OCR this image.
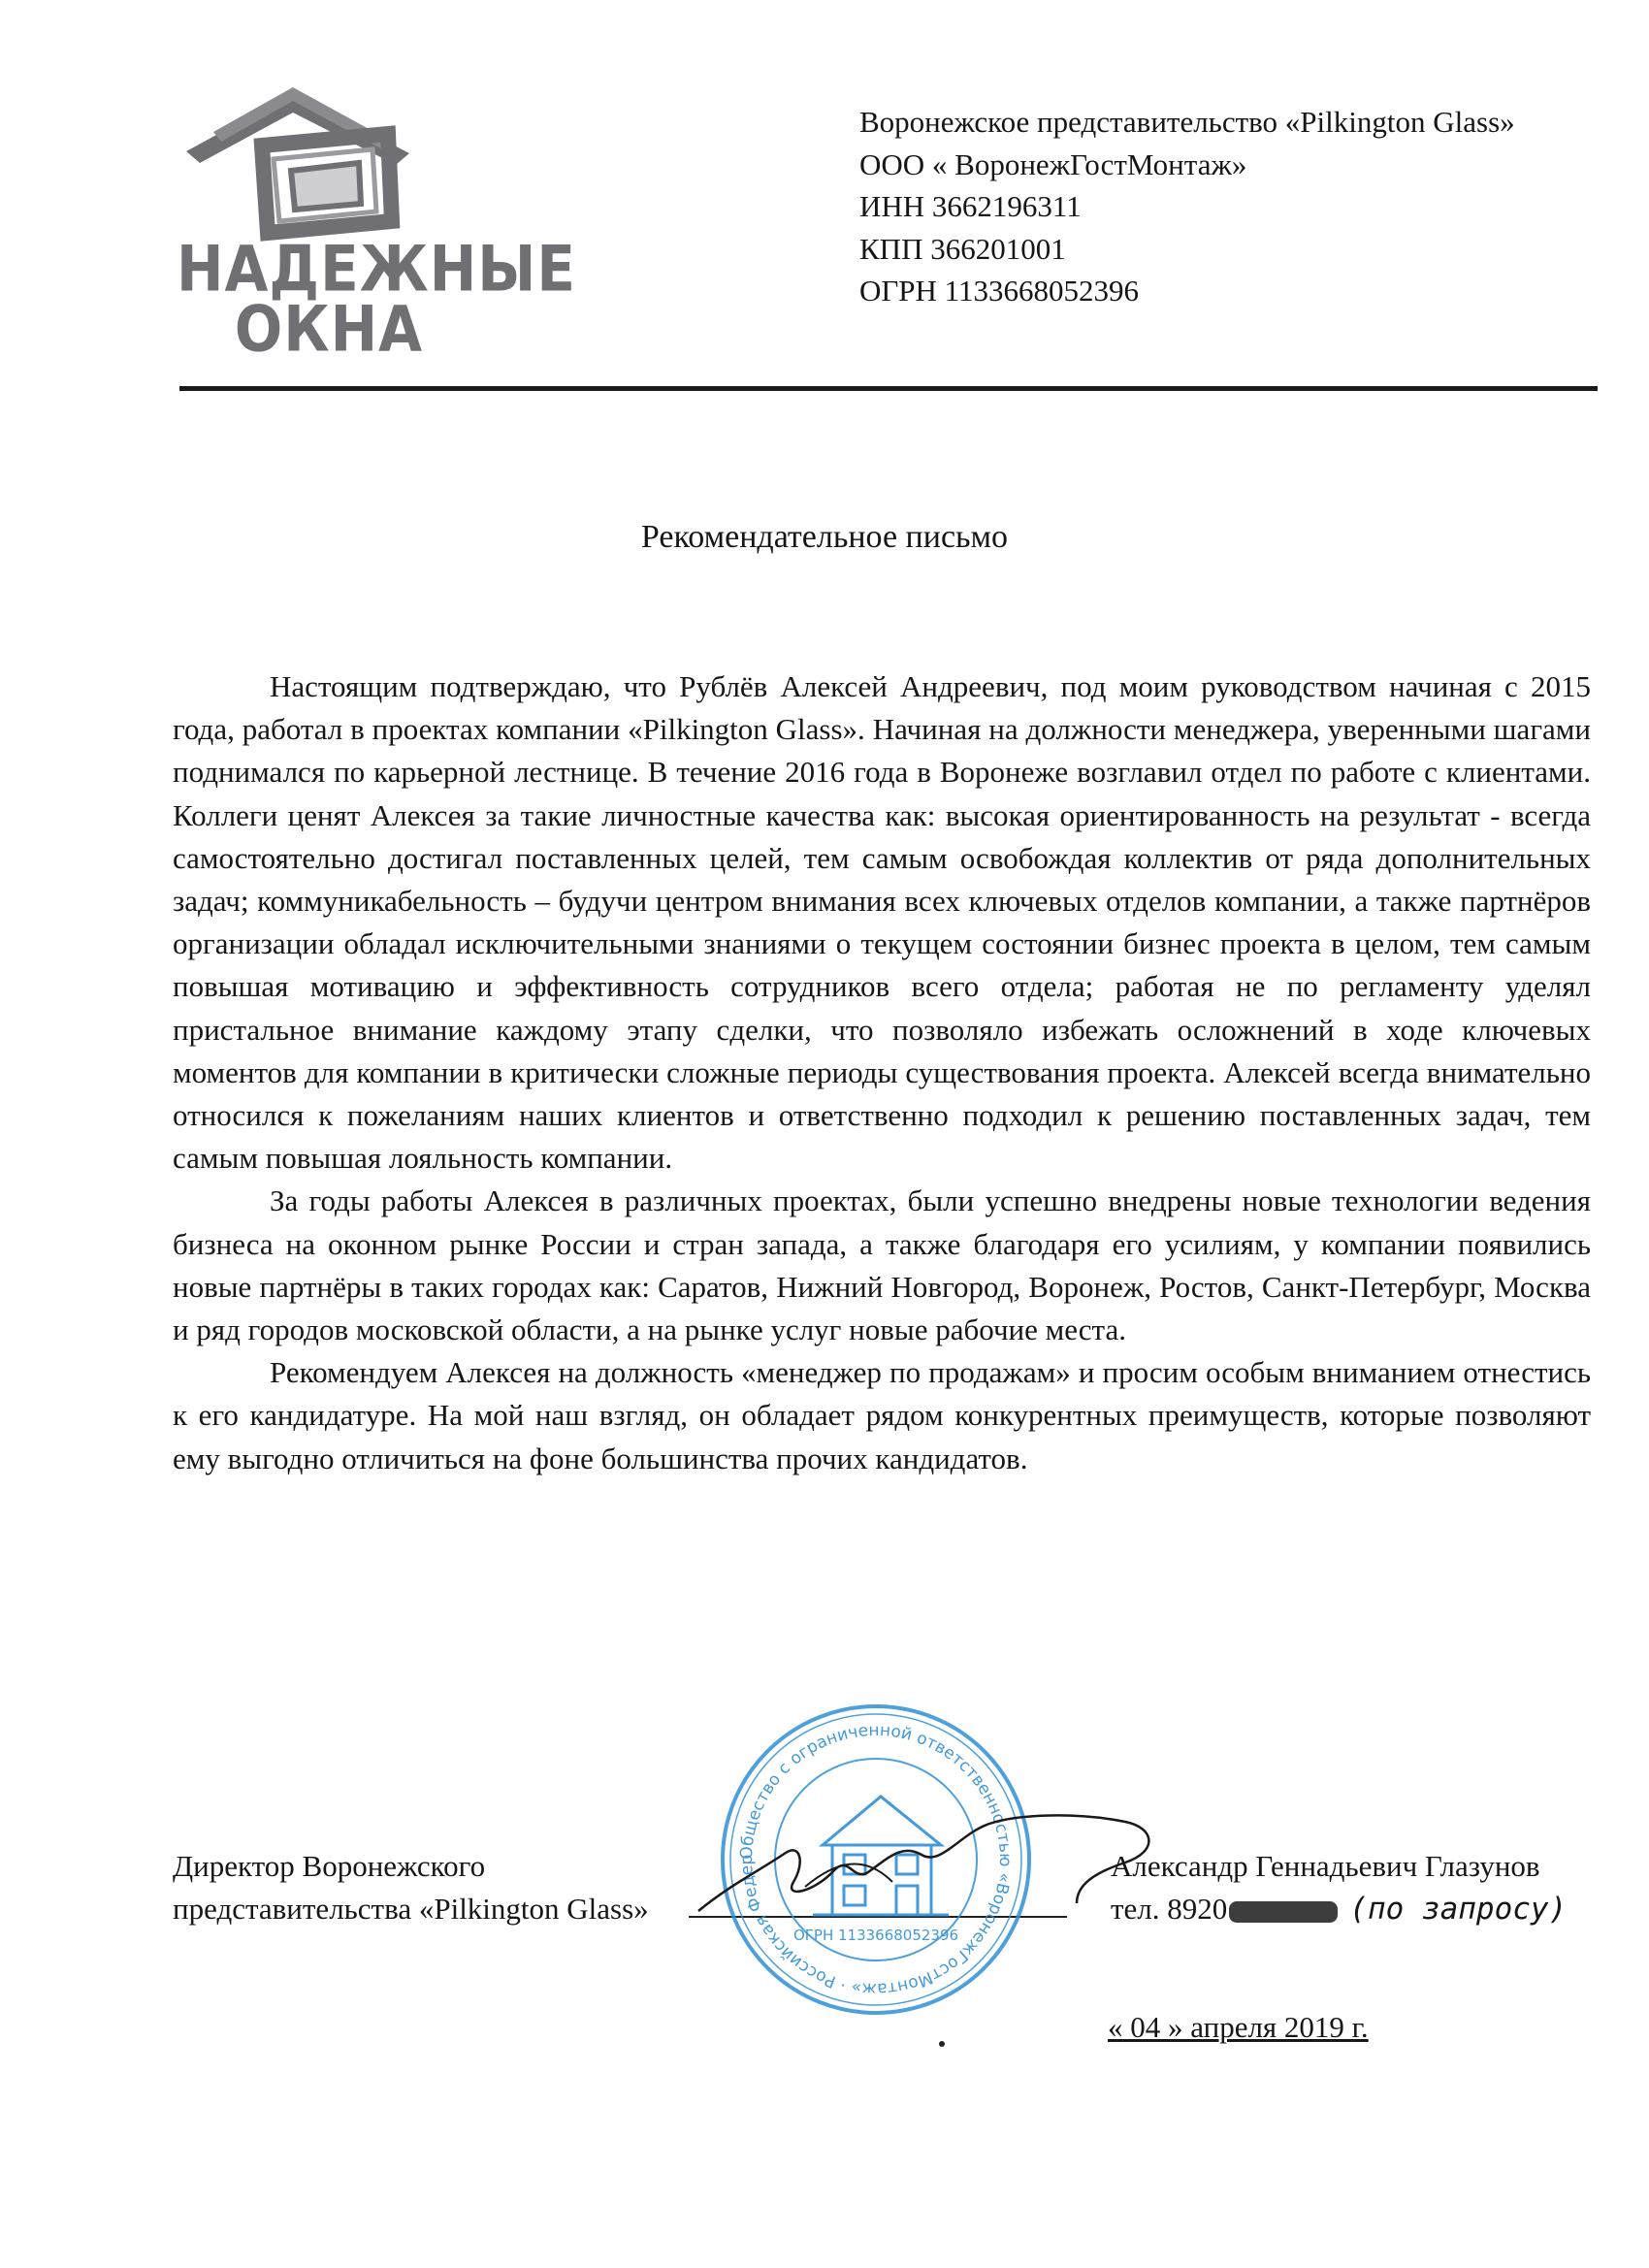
НАДЕЖНЫЕ
ОКНА
Воронежское представительство «Pilkington Glass»
ООО « ВоронежГостМонтаж»
ИНН 3662196311
КПП 366201001
ОГРН 1133668052396
Рекомендательное письмо

Настоящим подтверждаю, что Рублёв Алексей Андреевич, под моим руководством начиная с 2015 года, работал в проектах компании «Pilkington Glass». Начиная на должности менеджера, уверенными шагами поднимался по карьерной лестнице. В течение 2016 года в Воронеже возглавил отдел по работе с клиентами. Коллеги ценят Алексея за такие личностные качества как: высокая ориентированность на результат - всегда самостоятельно достигал поставленных целей, тем самым освобождая коллектив от ряда дополнительных задач; коммуникабельность – будучи центром внимания всех ключевых отделов компании, а также партнёров организации обладал исключительными знаниями о текущем состоянии бизнес проекта в целом, тем самым повышая мотивацию и эффективность сотрудников всего отдела; работая не по регламенту уделял пристальное внимание каждому этапу сделки, что позволяло избежать осложнений в ходе ключевых моментов для компании в критически сложные периоды существования проекта. Алексей всегда внимательно относился к пожеланиям наших клиентов и ответственно подходил к решению поставленных задач, тем самым повышая лояльность компании.

За годы работы Алексея в различных проектах, были успешно внедрены новые технологии ведения бизнеса на оконном рынке России и стран запада, а также благодаря его усилиям, у компании появились новые партнёры в таких городах как: Саратов, Нижний Новгород, Воронеж, Ростов, Санкт-Петербург, Москва и ряд городов московской области, а на рынке услуг новые рабочие места.

Рекомендуем Алексея на должность «менеджер по продажам» и просим особым вниманием отнестись к его кандидатуре. На мой наш взгляд, он обладает рядом конкурентных преимуществ, которые позволяют ему выгодно отличиться на фоне большинства прочих кандидатов.

Директор Воронежского
представительства «Pilkington Glass»
Александр Геннадьевич Глазунов
тел. 8920	(по запросу)
« 04 » апреля 2019 г.
Общество с ограниченной ответственностью «ВоронежГостМонтаж» · Российская Федер
ОГРН 1133668052396
